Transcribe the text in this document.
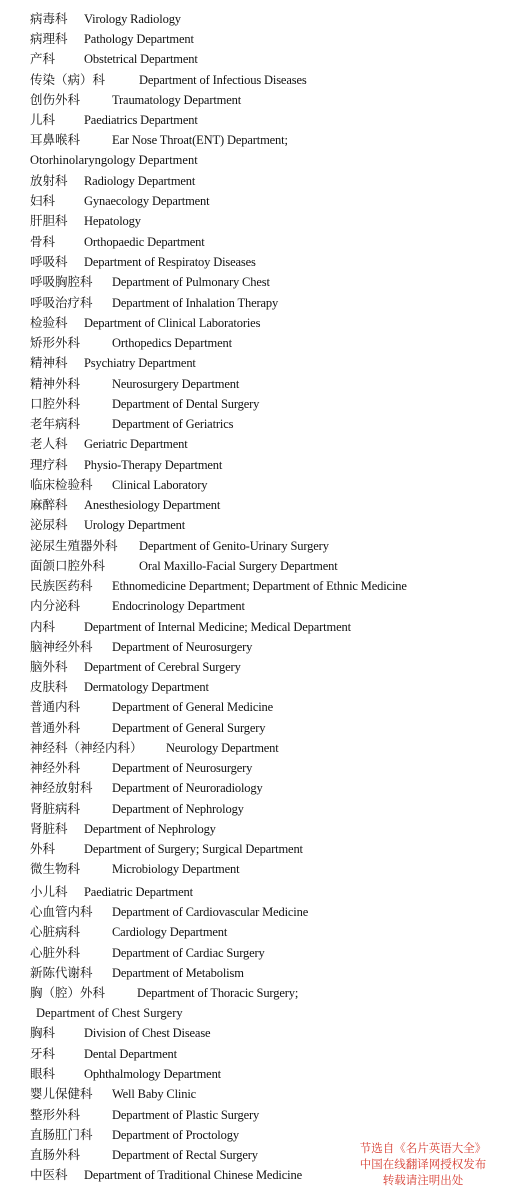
病毒科 Virology Radiology
病理科 Pathology Department
产科 Obstetrical Department
传染（病）科	Department of Infectious Diseases
创伤外科	Traumatology Department
儿科 Paediatrics Department
耳鼻喉科	Ear Nose Throat(ENT) Department;
Otorhinolaryngology Department
放射科 Radiology Department
妇科 Gynaecology Department
肝胆科 Hepatology
骨科 Orthopaedic Department
呼吸科 Department of Respiratoy Diseases
呼吸胸腔科 Department of Pulmonary Chest
呼吸治疗科 Department of Inhalation Therapy
检验科 Department of Clinical Laboratories
矫形外科	Orthopedics Department
精神科 Psychiatry Department
精神外科	Neurosurgery Department
口腔外科	Department of Dental Surgery
老年病科	Department of Geriatrics
老人科 Geriatric Department
理疗科 Physio-Therapy Department
临床检验科 Clinical Laboratory
麻醉科 Anesthesiology Department
泌尿科 Urology Department
泌尿生殖器外科 Department of Genito-Urinary Surgery
面颌口腔外科	Oral Maxillo-Facial Surgery Department
民族医药科 Ethnomedicine Department; Department of Ethnic Medicine
内分泌科	Endocrinology Department
内科 Department of Internal Medicine; Medical Department
脑神经外科 Department of Neurosurgery
脑外科 Department of Cerebral Surgery
皮肤科 Dermatology Department
普通内科	Department of General Medicine
普通外科	Department of General Surgery
神经科（神经内科） Neurology Department
神经外科	Department of Neurosurgery
神经放射科 Department of Neuroradiology
肾脏病科	Department of Nephrology
肾脏科 Department of Nephrology
外科 Department of Surgery; Surgical Department
微生物科	Microbiology Department
小儿科 Paediatric Department
心血管内科 Department of Cardiovascular Medicine
心脏病科	Cardiology Department
心脏外科	Department of Cardiac Surgery
新陈代谢科 Department of Metabolism
胸（腔）外科	Department of Thoracic Surgery;
Department of Chest Surgery
胸科 Division of Chest Disease
牙科 Dental Department
眼科 Ophthalmology Department
婴儿保健科 Well Baby Clinic
整形外科	Department of Plastic Surgery
直肠肛门科 Department of Proctology
直肠外科	Department of Rectal Surgery
中医科 Department of Traditional Chinese Medicine
节选自《名片英语大全》
中国在线翻译网授权发布
转载请注明出处
